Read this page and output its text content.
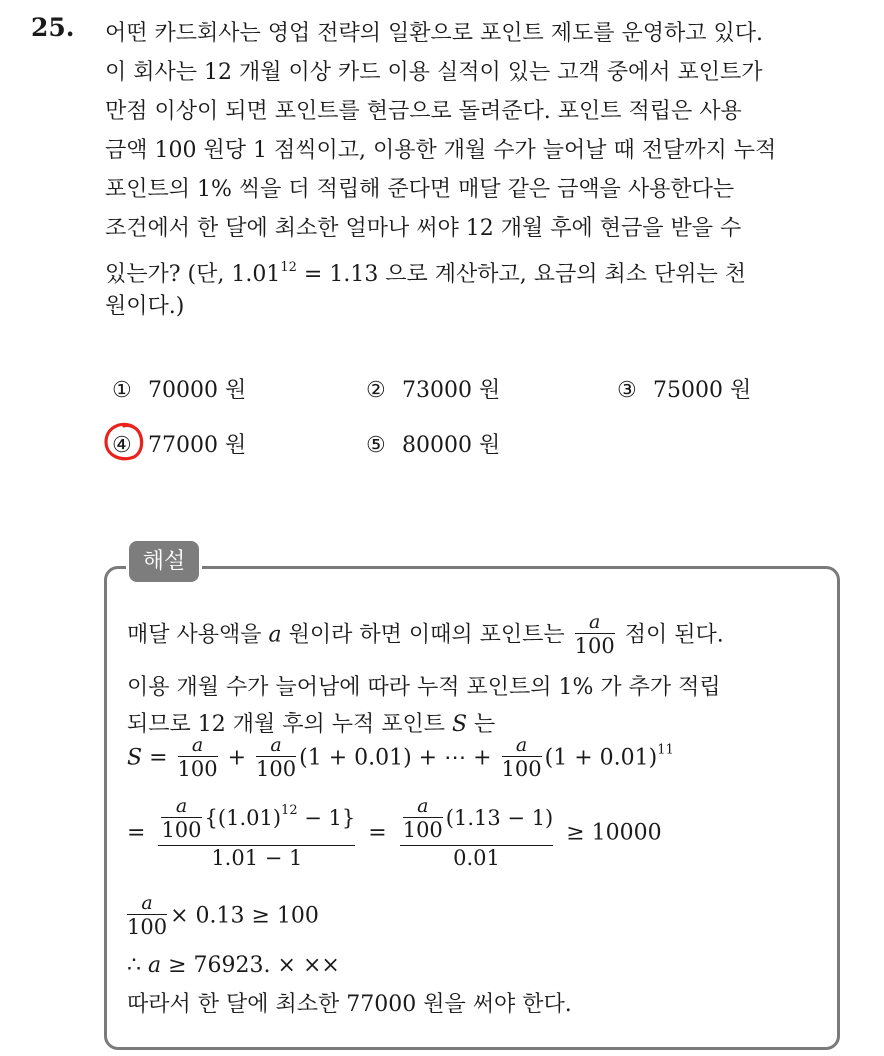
25. 어떤 카드회사는 영업 전략의 일환으로 포인트 제도를 운영하고 있다.
이 회사는 12 개월 이상 카드 이용 실적이 있는 고객 중에서 포인트가
만점 이상이 되면 포인트를 현금으로 돌려준다. 포인트 적립은 사용
금액 100 원당 1 점씩이고, 이용한 개월 수가 늘어날 때 전달까지 누적
포인트의 1% 씩을 더 적립해 준다면 매달 같은 금액을 사용한다는
조건에서 한 달에 최소한 얼마나 써야 12 개월 후에 현금을 받을 수
있는가? (단, $1.01^{12} = 1.13$ 으로 계산하고, 요금의 최소 단위는 천
원이다.)
① 70000 원	② 73000 원	③ 75000 원
④ 77000 원	⑤ 80000 원
해설
매달 사용액을 a 원이라 하면 이때의 포인트는 $\frac{a}{100}$ 점이 된다.
이용 개월 수가 늘어남에 따라 누적 포인트의 1% 가 추가 적립
되므로 12 개월 후의 누적 포인트 S 는
$S = \frac{a}{100} + \frac{a}{100} (1 + 0.01)$ + ⋯ + $\frac{a}{100} (1 + 0.01)^{11}$
= $\frac{\frac{a}{100} \{(1.01)^{12} - 1\}}{1.01 - 1} = \frac{\frac{a}{100} (1.13 - 1)}{0.01} \ge 10000$
$\frac{a}{100} \times 0.13 \ge 100$
∴ a ≥ 76923. × ××
따라서 한 달에 최소한 77000 원을 써야 한다.
